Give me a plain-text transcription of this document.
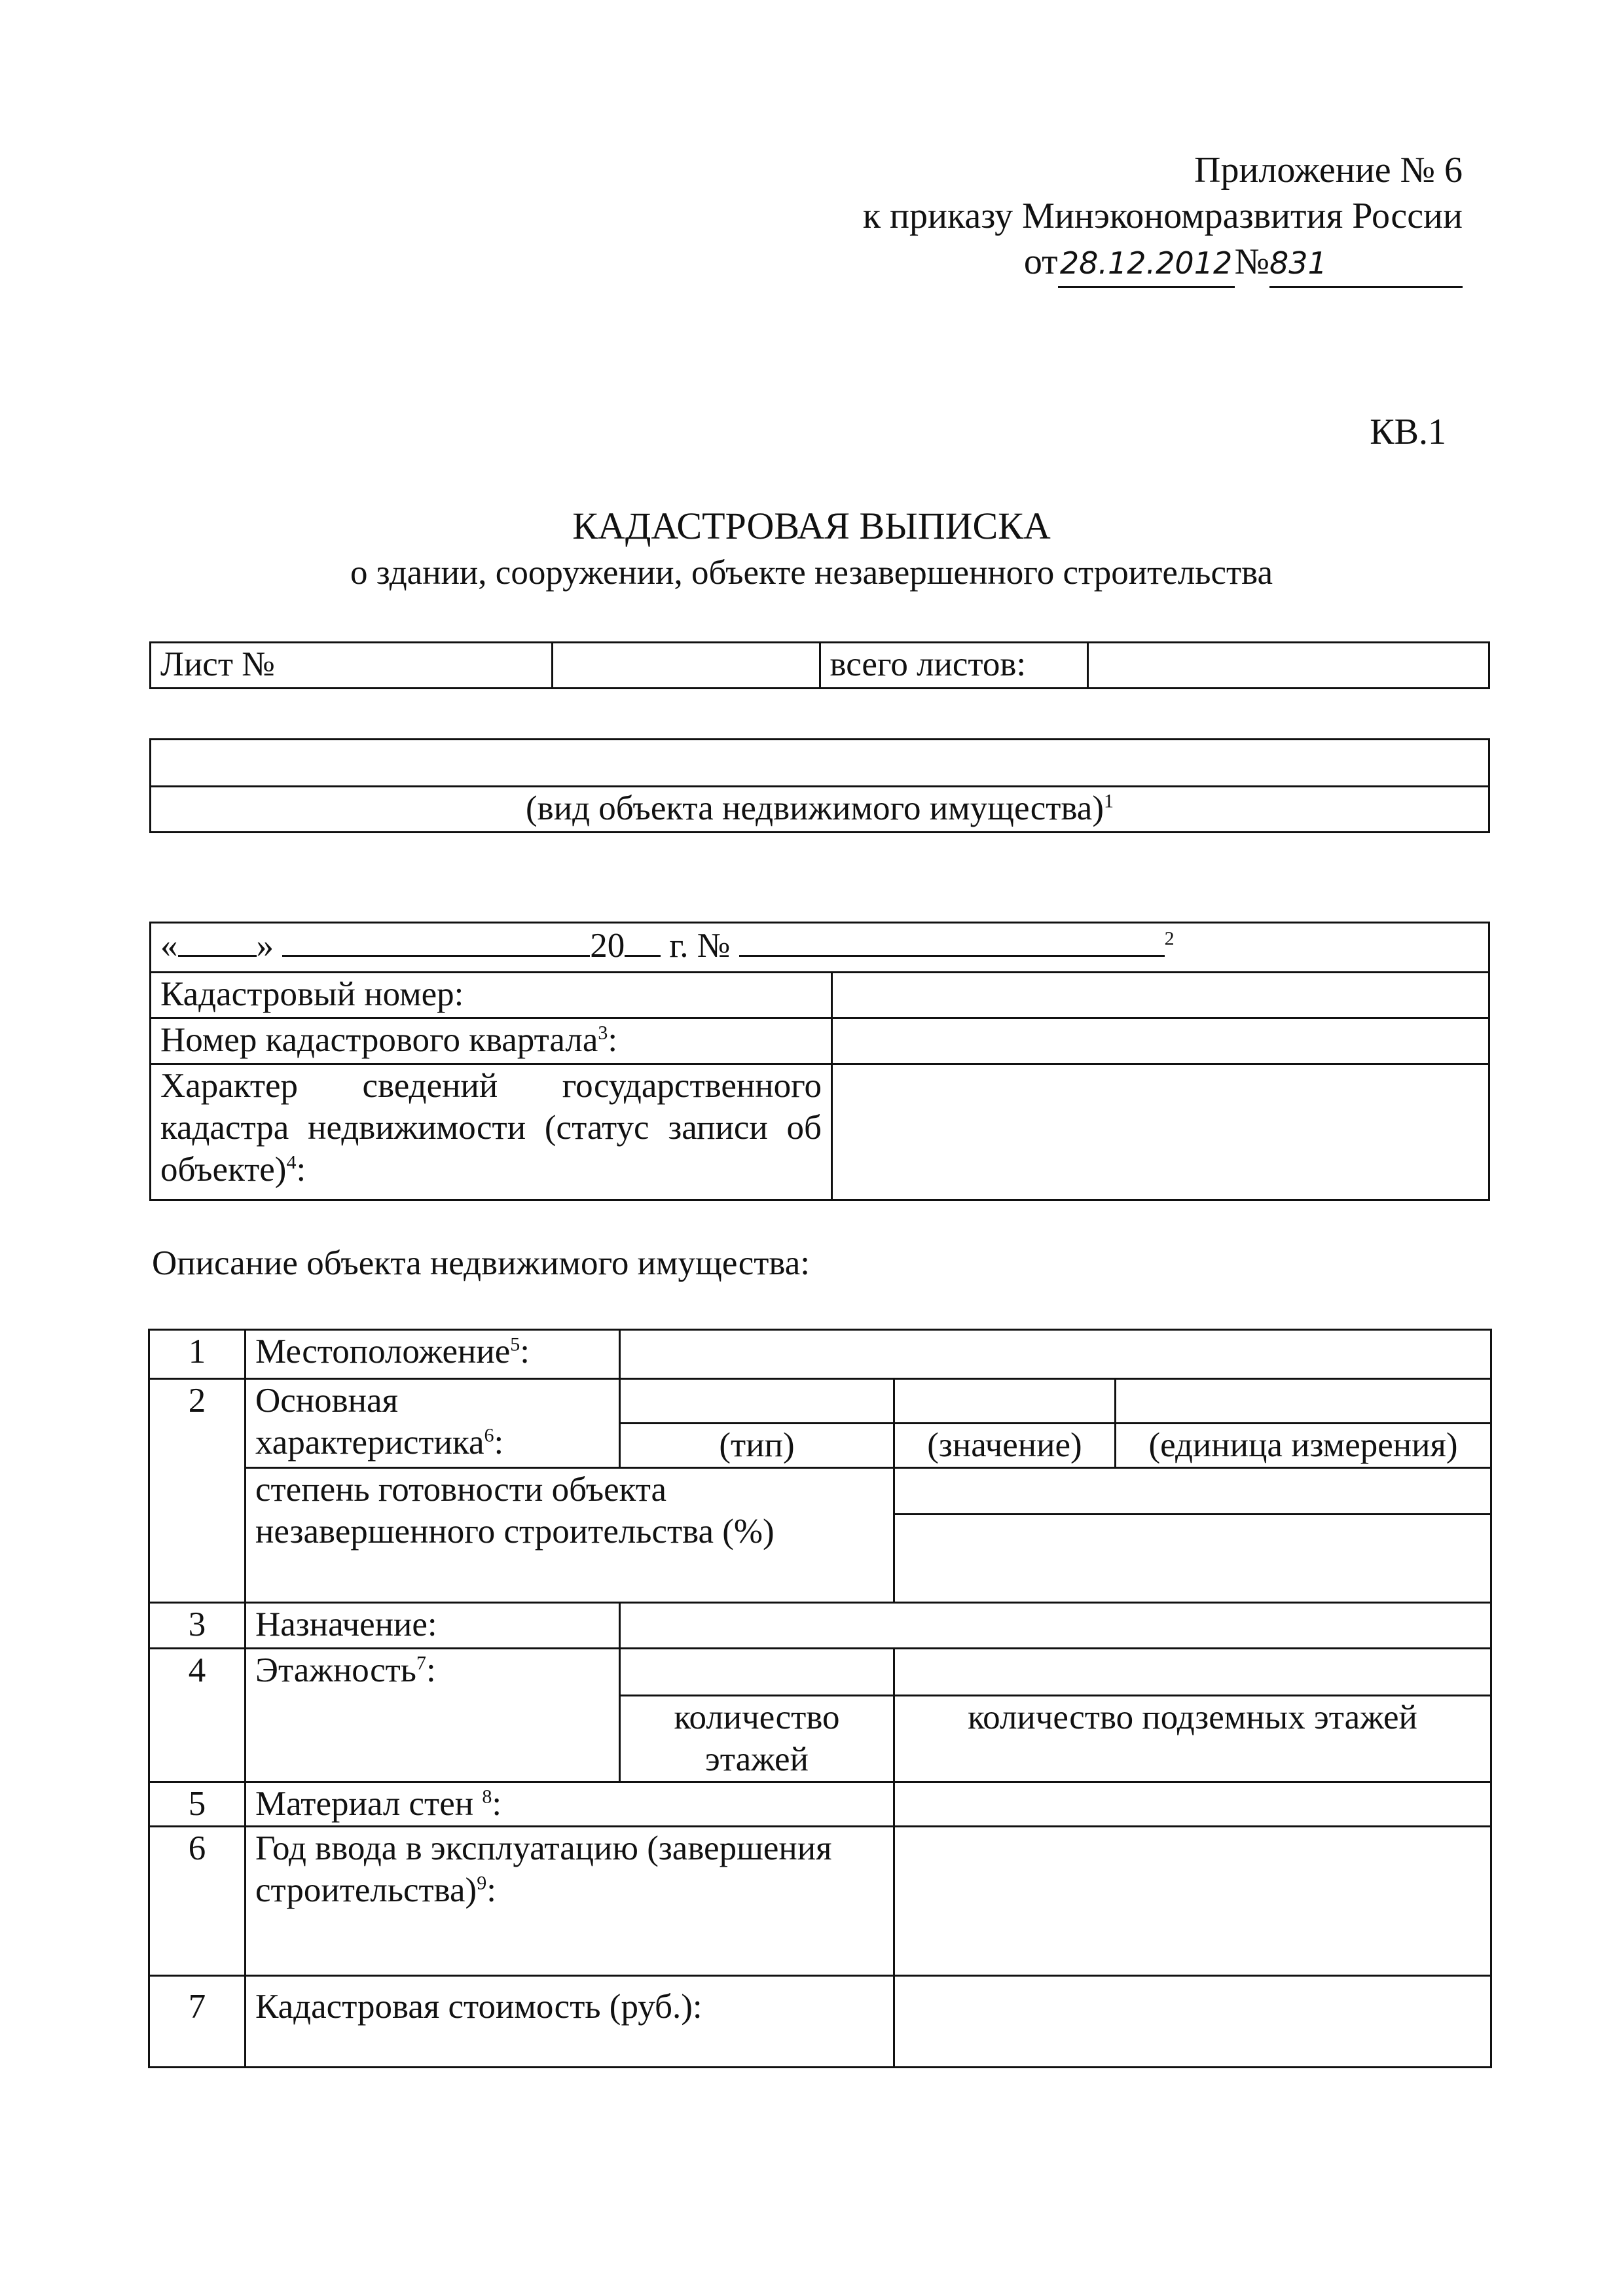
Приложение № 6
к приказу Минэкономразвития России
от28.12.2012№831
КВ.1
КАДАСТРОВАЯ ВЫПИСКА
о здании, сооружении, объекте незавершенного строительства
Лист №		всего листов:	

(вид объекта недвижимого имущества)$^1$
« » 20 г. № $^2$
Кадастровый номер:	
Номер кадастрового квартала$^3$:	
Характер сведений государственного кадастра недвижимости (статус записи об объекте)$^4$:	
Описание объекта недвижимого имущества:
1	Местоположение$^5$:			
2	Основная характеристика$^6$:			
		(тип)	(значение)	(единица измерения)
	степень готовности объекта незавершенного строительства (%)			

3	Назначение:			
4	Этажность$^7$:			
		количество этажей	количество подземных этажей	
5	Материал стен $^8$:			
6	Год ввода в эксплуатацию (завершения строительства)$^9$:			
7	Кадастровая стоимость (руб.):			
